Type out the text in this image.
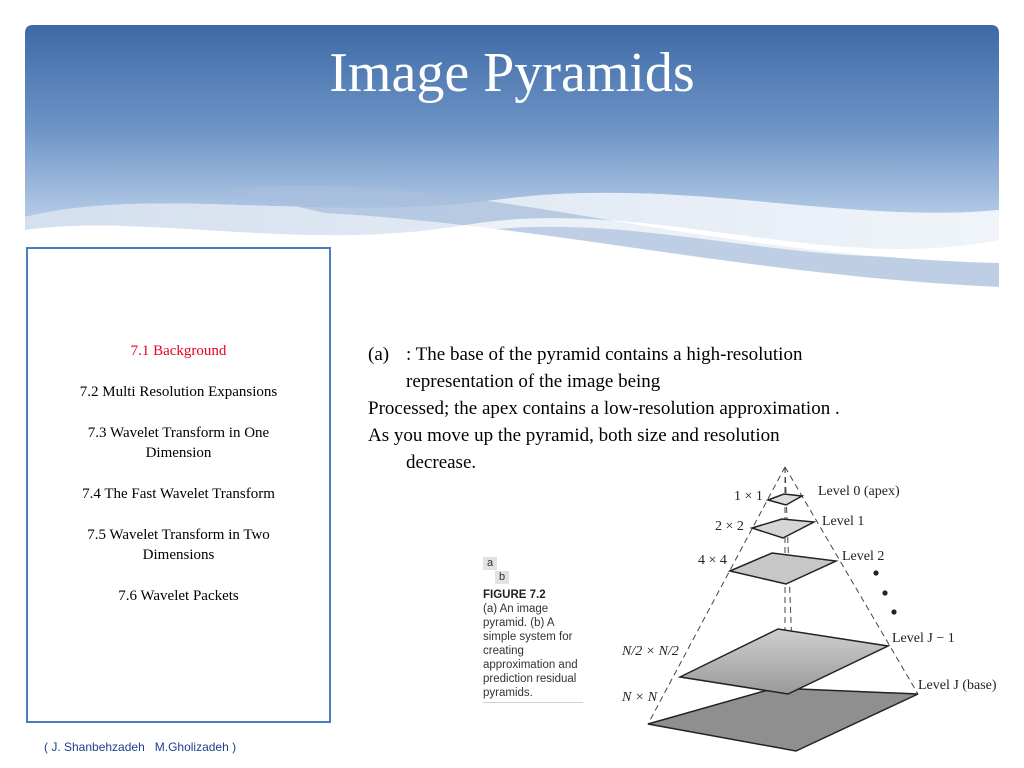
Image Pyramids
7.1 Background
7.2 Multi Resolution Expansions
7.3 Wavelet Transform in One Dimension
7.4 The Fast Wavelet Transform
7.5 Wavelet Transform in Two Dimensions
7.6 Wavelet Packets
(a) : The base of the pyramid contains a high-resolution
representation of the image being
Processed; the apex contains a low-resolution approximation .
As you move up the pyramid, both size and resolution
decrease.
a
b
FIGURE 7.2
(a) An image pyramid. (b) A simple system for creating approximation and prediction residual pyramids.
1 × 1
2 × 2
4 × 4
N/2 × N/2
N × N
Level 0 (apex)
Level 1
Level 2
Level J − 1
Level J (base)
( J. Shanbehzadeh   M.Gholizadeh )
